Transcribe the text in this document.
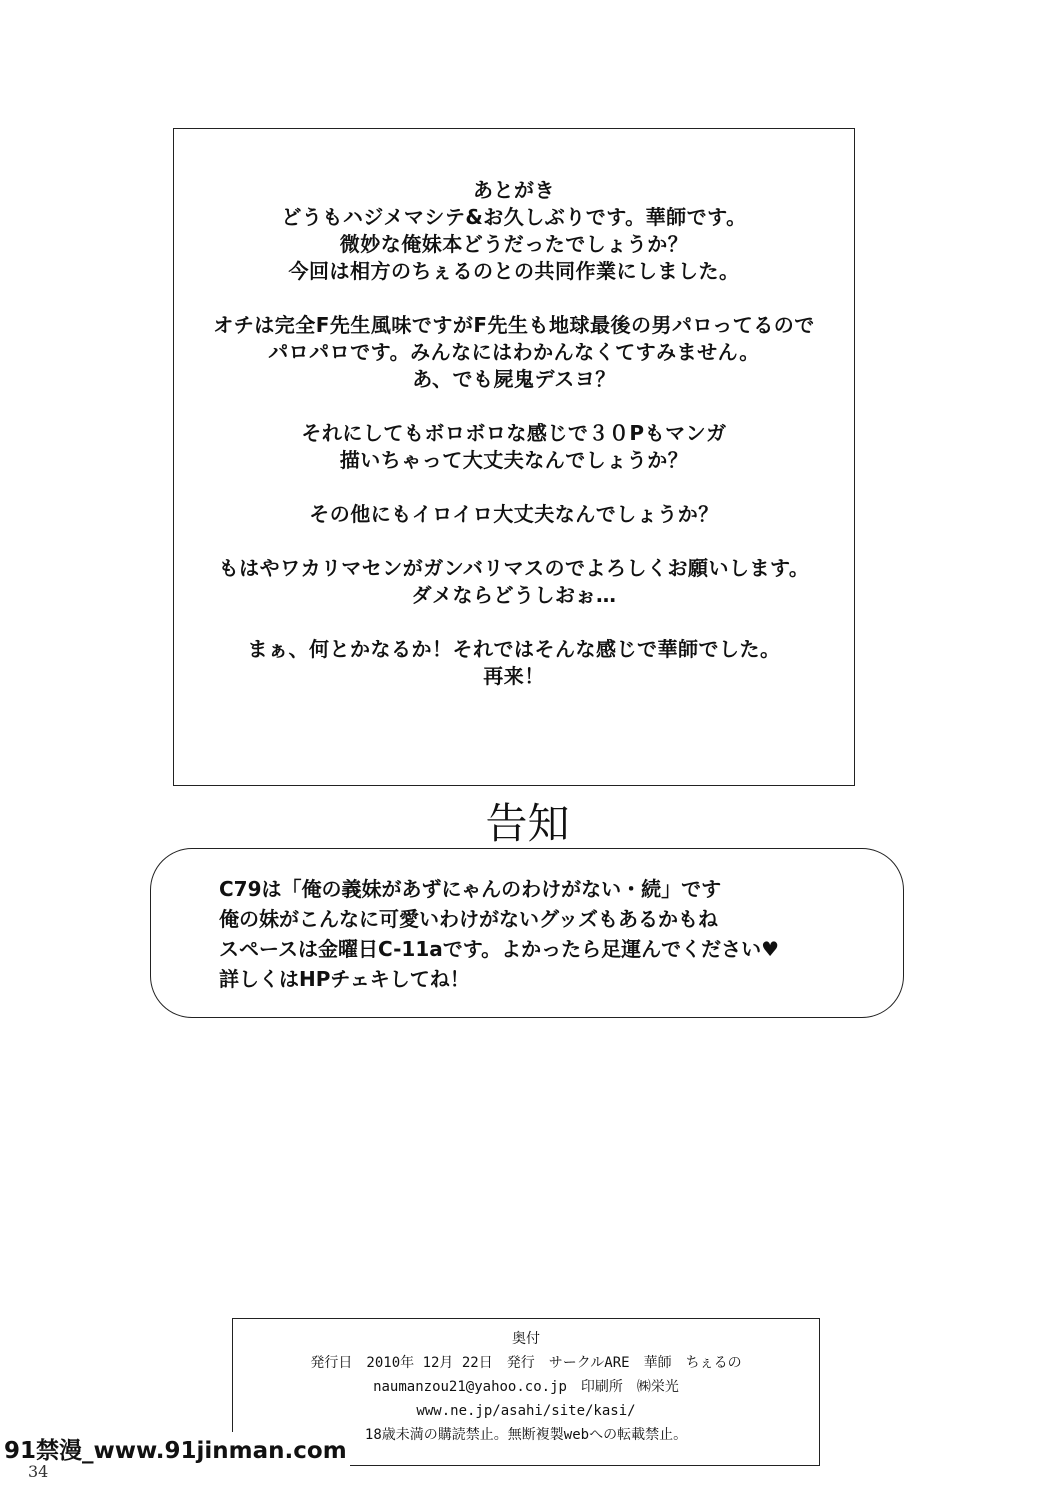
あとがき
どうもハジメマシテ&お久しぶりです。華師です。
微妙な俺妹本どうだったでしょうか？
今回は相方のちぇるのとの共同作業にしました。
オチは完全F先生風味ですがF先生も地球最後の男パロってるので
パロパロです。みんなにはわかんなくてすみません。
あ、でも屍鬼デスヨ？
それにしてもボロボロな感じで３０Pもマンガ
描いちゃって大丈夫なんでしょうか？
その他にもイロイロ大丈夫なんでしょうか？
もはやワカリマセンがガンバリマスのでよろしくお願いします。
ダメならどうしおぉ…
まぁ、何とかなるか！それではそんな感じで華師でした。
再来！
告知
C79は「俺の義妹があずにゃんのわけがない・続」です
俺の妹がこんなに可愛いわけがないグッズもあるかもね
スペースは金曜日C-11aです。よかったら足運んでください♥
詳しくはHPチェキしてね！
奥付
発行日　2010年 12月 22日　発行　サークルARE　華師　ちぇるの
naumanzou21@yahoo.co.jp　印刷所　㈱栄光
www.ne.jp/asahi/site/kasi/
18歳未満の購読禁止。無断複製webへの転載禁止。
91禁漫_www.91jinman.com
34
